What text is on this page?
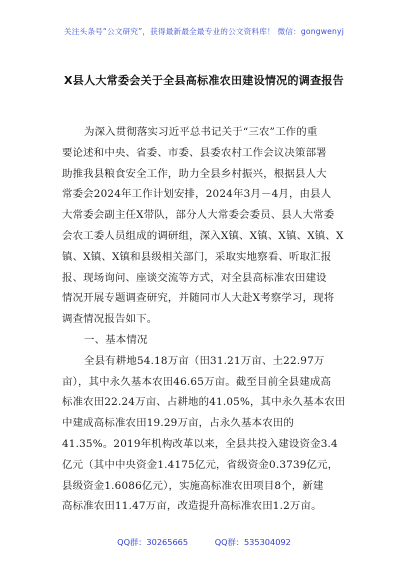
关注头条号“公文研究”，获得最新最全最专业的公文资料库！ 微信：gongwenyj
X县人大常委会关于全县高标准农田建设情况的调查报告
为深入贯彻落实习近平总书记关于“三农”工作的重
要论述和中央、省委、市委、县委农村工作会议决策部署
助推我县粮食安全工作，助力全县乡村振兴，根据县人大
常委会2024年工作计划安排，2024年3月－4月，由县人
大常委会副主任X带队，部分人大常委会委员、县人大常委
会农工委人员组成的调研组，深入X镇、X镇、X镇、X镇、X
镇、X镇、X镇和县级相关部门，采取实地察看、听取汇报
报、现场询问、座谈交流等方式，对全县高标准农田建设
情况开展专题调查研究，并随同市人大赴X考察学习，现将
调查情况报告如下。
一、基本情况
全县有耕地54.18万亩（田31.21万亩、土22.97万
亩），其中永久基本农田46.65万亩。截至目前全县建成高
标准农田22.24万亩、占耕地的41.05%，其中永久基本农田
中建成高标准农田19.29万亩，占永久基本农田的
41.35%。2019年机构改革以来，全县共投入建设资金3.4
亿元（其中中央资金1.4175亿元，省级资金0.3739亿元，
县级资金1.6086亿元），实施高标准农田项目8个，新建
高标准农田11.47万亩，改造提升高标准农田1.2万亩。
QQ群：30265665	QQ群：535304092
